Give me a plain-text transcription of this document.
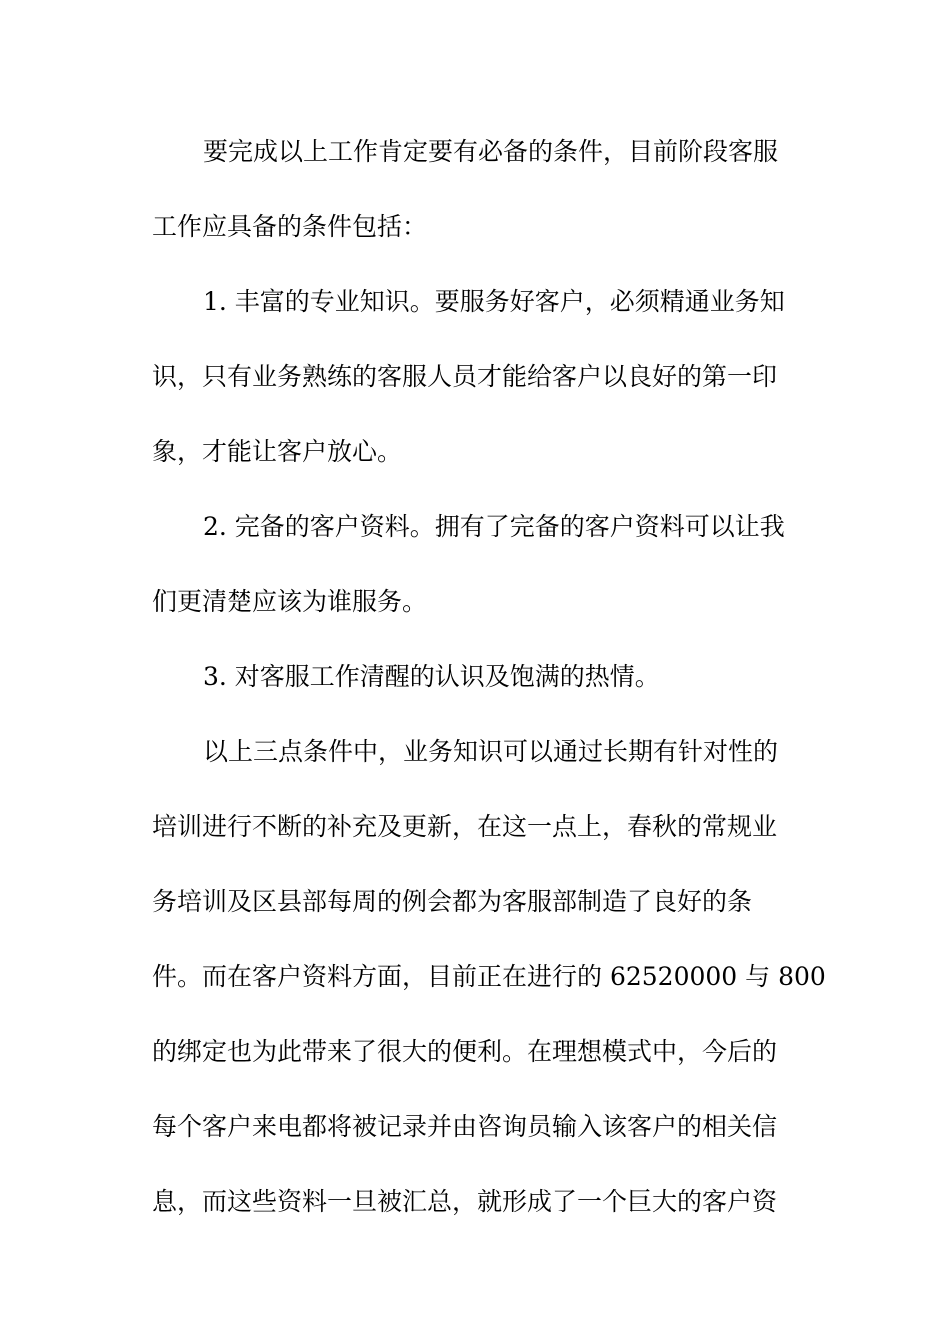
要完成以上工作肯定要有必备的条件，目前阶段客服
工作应具备的条件包括：
1. 丰富的专业知识。要服务好客户，必须精通业务知
识，只有业务熟练的客服人员才能给客户以良好的第一印
象，才能让客户放心。
2. 完备的客户资料。拥有了完备的客户资料可以让我
们更清楚应该为谁服务。
3. 对客服工作清醒的认识及饱满的热情。
以上三点条件中，业务知识可以通过长期有针对性的
培训进行不断的补充及更新，在这一点上，春秋的常规业
务培训及区县部每周的例会都为客服部制造了良好的条
件。而在客户资料方面，目前正在进行的 62520000 与 800
的绑定也为此带来了很大的便利。在理想模式中，今后的
每个客户来电都将被记录并由咨询员输入该客户的相关信
息，而这些资料一旦被汇总，就形成了一个巨大的客户资
